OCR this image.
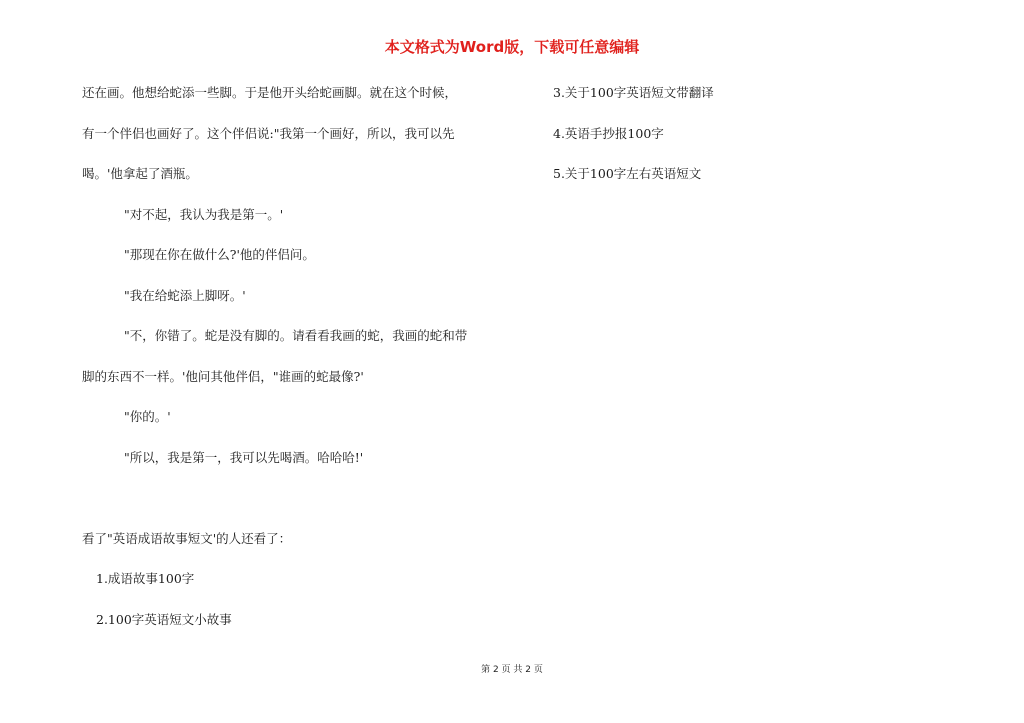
本文格式为Word版，下载可任意编辑
还在画。他想给蛇添一些脚。于是他开头给蛇画脚。就在这个时候，
有一个伴侣也画好了。这个伴侣说:"我第一个画好，所以，我可以先
喝。'他拿起了酒瓶。
"对不起，我认为我是第一。'
"那现在你在做什么?'他的伴侣问。
"我在给蛇添上脚呀。'
"不，你错了。蛇是没有脚的。请看看我画的蛇，我画的蛇和带
脚的东西不一样。'他问其他伴侣，"谁画的蛇最像?'
"你的。'
"所以，我是第一，我可以先喝酒。哈哈哈!'
看了"英语成语故事短文'的人还看了：
1.成语故事100字
2.100字英语短文小故事
3.关于100字英语短文带翻译
4.英语手抄报100字
5.关于100字左右英语短文
第 2 页 共 2 页
